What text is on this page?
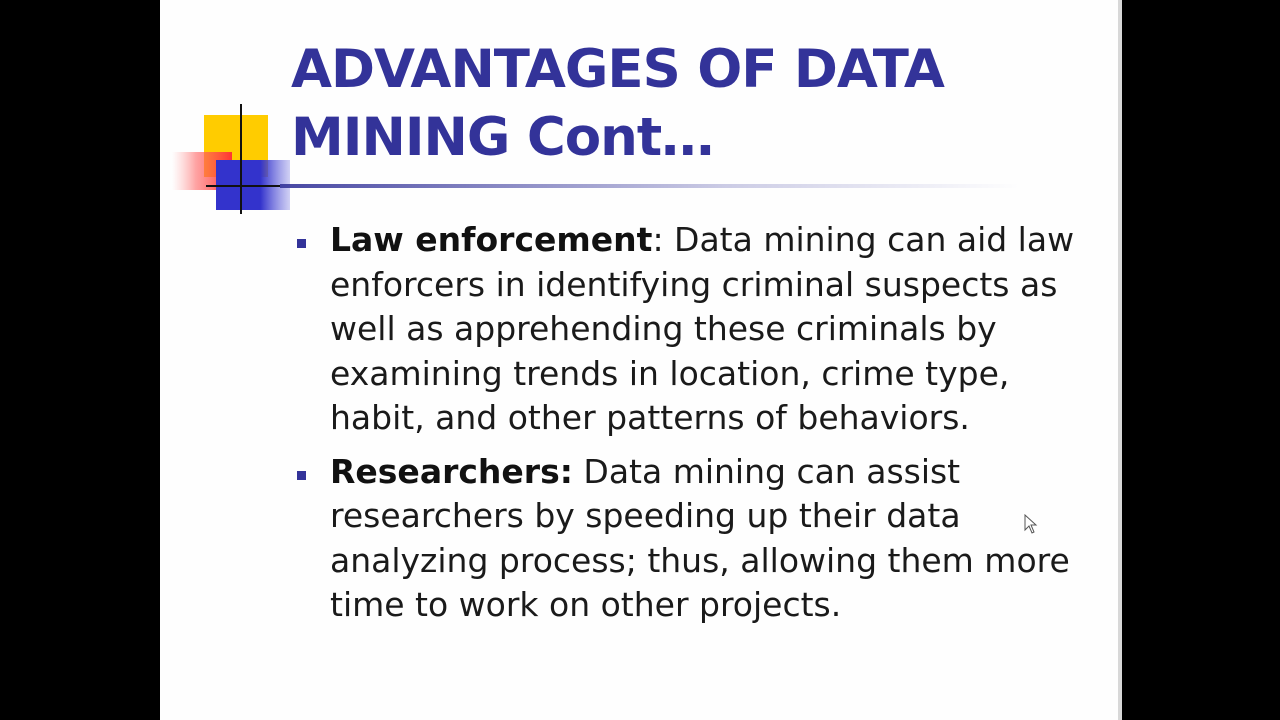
ADVANTAGES OF DATA
MINING Cont…
Law enforcement: Data mining can aid law enforcers in identifying criminal suspects as well as apprehending these criminals by examining trends in location, crime type, habit, and other patterns of behaviors.
Researchers: Data mining can assist researchers by speeding up their data analyzing process; thus, allowing them more time to work on other projects.
